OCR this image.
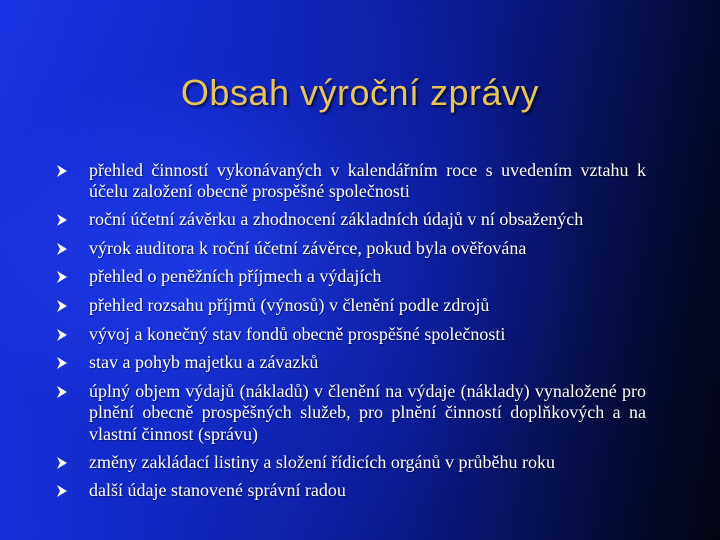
Obsah výroční zprávy
přehled činností vykonávaných v kalendářním roce s uvedením vztahu k účelu založení obecně prospěšné společnosti
roční účetní závěrku a zhodnocení základních údajů v ní obsažených
výrok auditora k roční účetní závěrce, pokud byla ověřována
přehled o peněžních příjmech a výdajích
přehled rozsahu příjmů (výnosů) v členění podle zdrojů
vývoj a konečný stav fondů obecně prospěšné společnosti
stav a pohyb majetku a závazků
úplný objem výdajů (nákladů) v členění na výdaje (náklady) vynaložené pro plnění obecně prospěšných služeb, pro plnění činností doplňkových a na vlastní činnost (správu)
změny zakládací listiny a složení řídicích orgánů v průběhu roku
další údaje stanovené správní radou
